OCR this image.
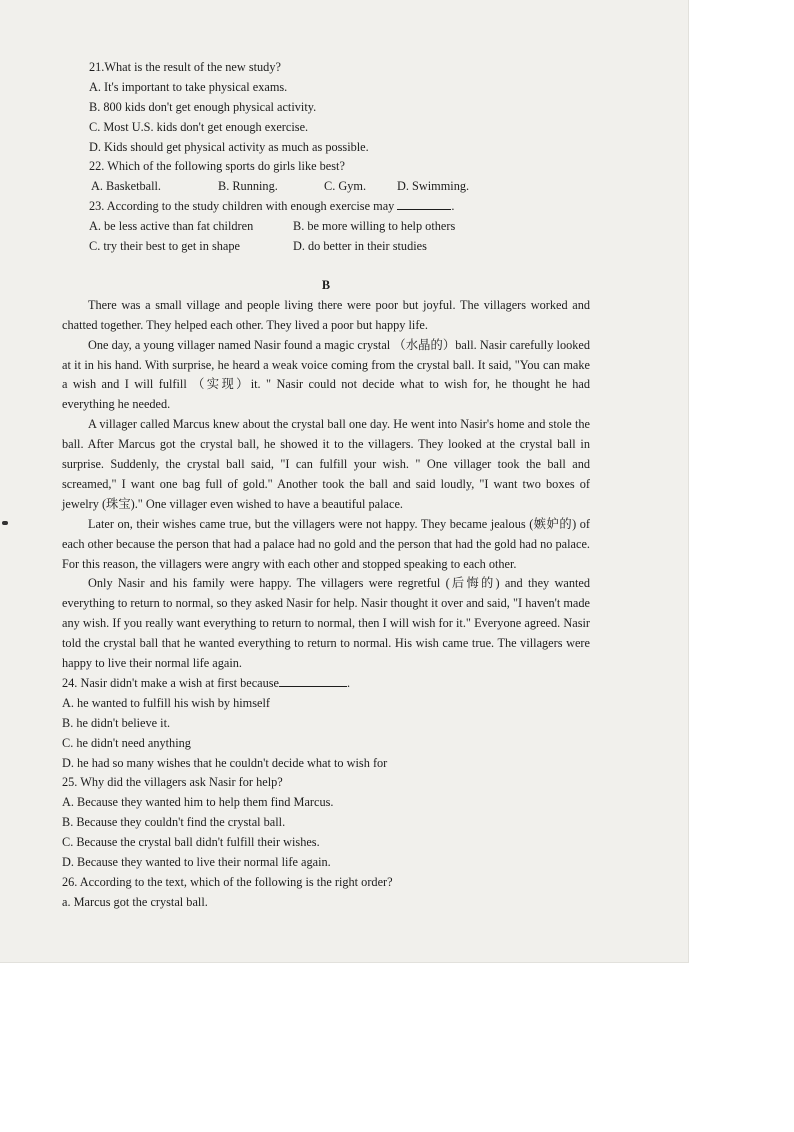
21.What is the result of the new study?
A. It's important to take physical exams.
B. 800 kids don't get enough physical activity.
C. Most U.S. kids don't get enough exercise.
D. Kids should get physical activity as much as possible.
22. Which of the following sports do girls like best?
A. Basketball.	B. Running.	C. Gym.	D. Swimming.
23. According to the study children with enough exercise may	.
A. be less active than fat children	B. be more willing to help others
C. try their best to get in shape	D. do better in their studies
B

There was a small village and people living there were poor but joyful. The villagers worked and chatted together. They helped each other. They lived a poor but happy life.

One day, a young villager named Nasir found a magic crystal （水晶的）ball. Nasir carefully looked at it in his hand. With surprise, he heard a weak voice coming from the crystal ball. It said, "You can make a wish and I will fulfill （实现）it. " Nasir could not decide what to wish for, he thought he had everything he needed.

A villager called Marcus knew about the crystal ball one day. He went into Nasir's home and stole the ball. After Marcus got the crystal ball, he showed it to the villagers. They looked at the crystal ball in surprise. Suddenly, the crystal ball said, "I can fulfill your wish. " One villager took the ball and screamed," I want one bag full of gold." Another took the ball and said loudly, "I want two boxes of jewelry (珠宝)." One villager even wished to have a beautiful palace.

Later on, their wishes came true, but the villagers were not happy. They became jealous (嫉妒的) of each other because the person that had a palace had no gold and the person that had the gold had no palace. For this reason, the villagers were angry with each other and stopped speaking to each other.

Only Nasir and his family were happy. The villagers were regretful (后悔的) and they wanted everything to return to normal, so they asked Nasir for help. Nasir thought it over and said, "I haven't made any wish. If you really want everything to return to normal, then I will wish for it." Everyone agreed. Nasir told the crystal ball that he wanted everything to return to normal. His wish came true. The villagers were happy to live their normal life again.

24. Nasir didn't make a wish at first because	.
A. he wanted to fulfill his wish by himself
B. he didn't believe it.
C. he didn't need anything
D. he had so many wishes that he couldn't decide what to wish for
25. Why did the villagers ask Nasir for help?
A. Because they wanted him to help them find Marcus.
B. Because they couldn't find the crystal ball.
C. Because the crystal ball didn't fulfill their wishes.
D. Because they wanted to live their normal life again.
26. According to the text, which of the following is the right order?
a. Marcus got the crystal ball.
